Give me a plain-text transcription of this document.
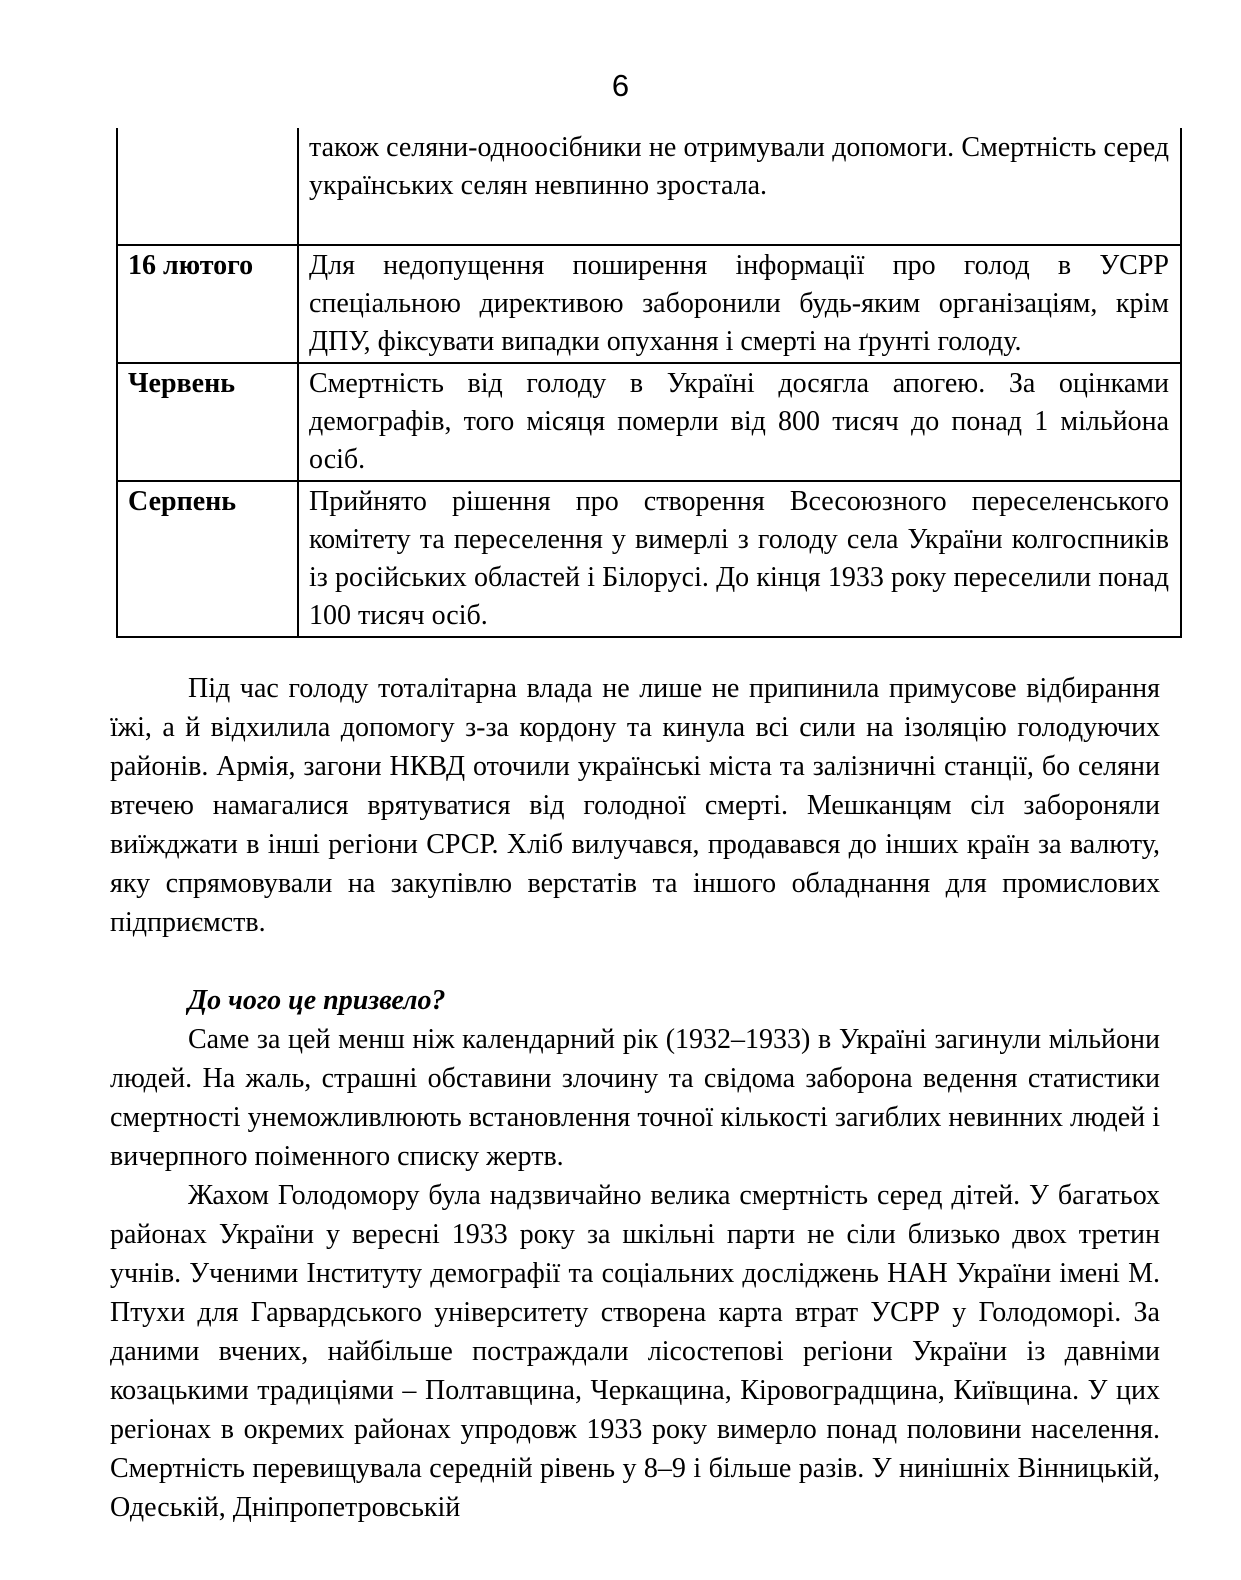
6
	також селяни-одноосібники не отримували допомоги. Смертність серед українських селян невпинно зростала.
16 лютого	Для недопущення поширення інформації про голод в УСРР спеціальною директивою заборонили будь-яким організаціям, крім ДПУ, фіксувати випадки опухання і смерті на ґрунті голоду.
Червень	Смертність від голоду в Україні досягла апогею. За оцінками демографів, того місяця померли від 800 тисяч до понад 1 мільйона осіб.
Серпень	Прийнято рішення про створення Всесоюзного переселенського комітету та переселення у вимерлі з голоду села України колгоспників із російських областей і Білорусі. До кінця 1933 року переселили понад 100 тисяч осіб.

Під час голоду тоталітарна влада не лише не припинила примусове відбирання їжі, а й відхилила допомогу з-за кордону та кинула всі сили на ізоляцію голодуючих районів. Армія, загони НКВД оточили українські міста та залізничні станції, бо селяни втечею намагалися врятуватися від голодної смерті. Мешканцям сіл забороняли виїжджати в інші регіони СРСР. Хліб вилучався, продавався до інших країн за валюту, яку спрямовували на закупівлю верстатів та іншого обладнання для промислових підприємств.

До чого це призвело?

Саме за цей менш ніж календарний рік (1932–1933) в Україні загинули мільйони людей. На жаль, страшні обставини злочину та свідома заборона ведення статистики смертності унеможливлюють встановлення точної кількості загиблих невинних людей і вичерпного поіменного списку жертв.

Жахом Голодомору була надзвичайно велика смертність серед дітей. У багатьох районах України у вересні 1933 року за шкільні парти не сіли близько двох третин учнів. Ученими Інституту демографії та соціальних досліджень НАН України імені М. Птухи для Гарвардського університету створена карта втрат УСРР у Голодоморі. За даними вчених, найбільше постраждали лісостепові регіони України із давніми козацькими традиціями – Полтавщина, Черкащина, Кіровоградщина, Київщина. У цих регіонах в окремих районах упродовж 1933 року вимерло понад половини населення. Смертність перевищувала середній рівень у 8–9 і більше разів. У нинішніх Вінницькій, Одеській, Дніпропетровській
